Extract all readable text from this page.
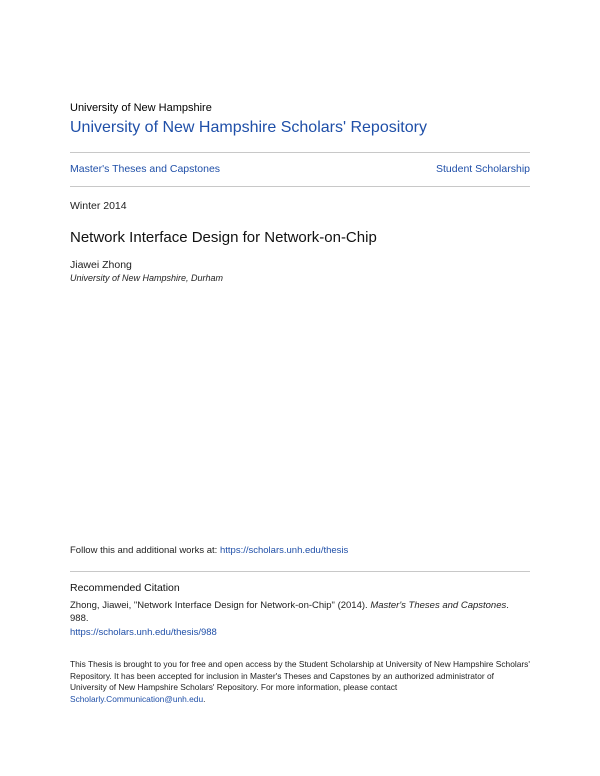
University of New Hampshire
University of New Hampshire Scholars' Repository
Master's Theses and Capstones	Student Scholarship
Winter 2014
Network Interface Design for Network-on-Chip
Jiawei Zhong
University of New Hampshire, Durham
Follow this and additional works at: https://scholars.unh.edu/thesis
Recommended Citation
Zhong, Jiawei, "Network Interface Design for Network-on-Chip" (2014). Master's Theses and Capstones. 988.
https://scholars.unh.edu/thesis/988
This Thesis is brought to you for free and open access by the Student Scholarship at University of New Hampshire Scholars' Repository. It has been accepted for inclusion in Master's Theses and Capstones by an authorized administrator of University of New Hampshire Scholars' Repository. For more information, please contact Scholarly.Communication@unh.edu.
